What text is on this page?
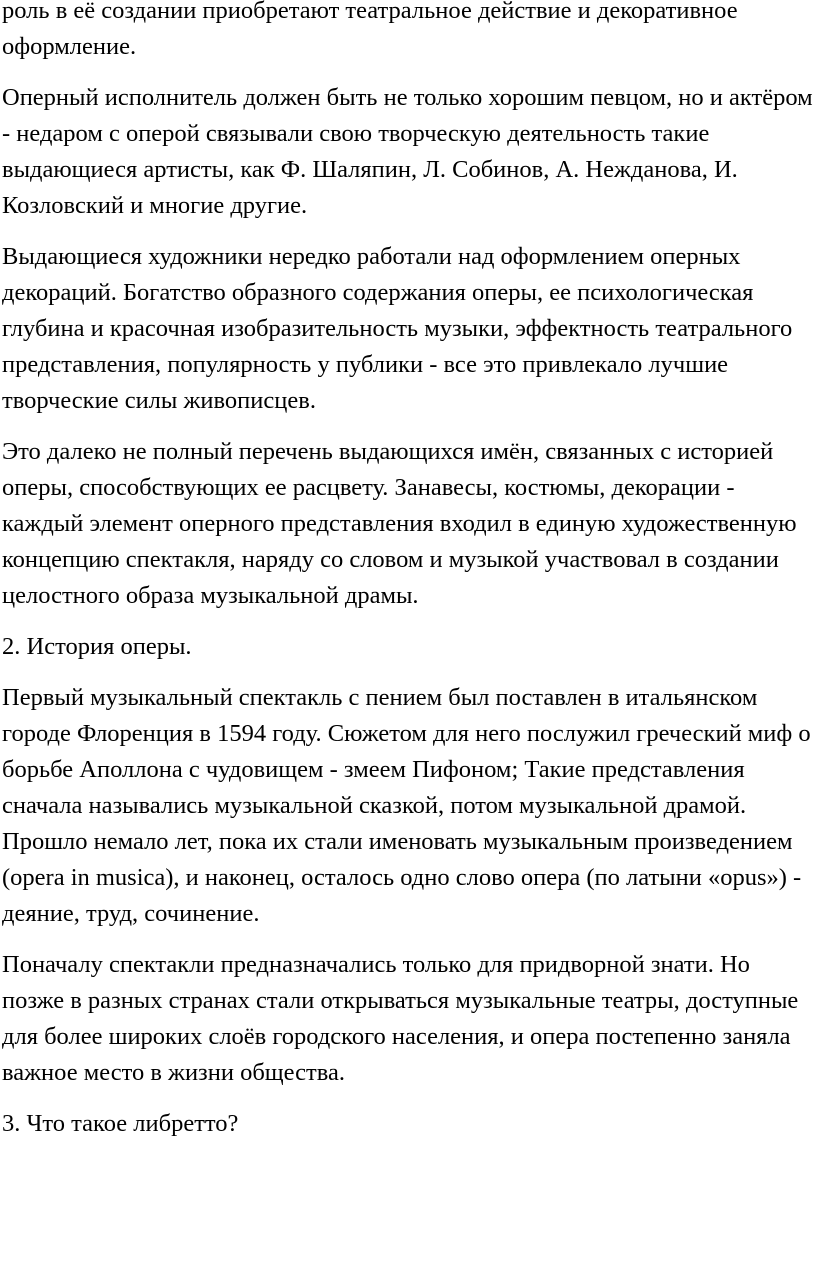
роль в её создании приобретают театральное действие и декоративное оформление.

Оперный исполнитель должен быть не только хорошим певцом, но и актёром - недаром с оперой связывали свою творческую деятельность такие выдающиеся артисты, как Ф. Шаляпин, Л. Собинов, А. Нежданова, И. Козловский и многие другие.

Выдающиеся художники нередко работали над оформлением оперных декораций. Богатство образного содержания оперы, ее психологическая глубина и красочная изобразительность музыки, эффектность театрального представления, популярность у публики - все это привлекало лучшие творческие силы живописцев.

Это далеко не полный перечень выдающихся имён, связанных с историей оперы, способствующих ее расцвету. Занавесы, костюмы, декорации - каждый элемент оперного представления входил в единую художественную концепцию спектакля, наряду со словом и музыкой участвовал в создании целостного образа музыкальной драмы.

2. История оперы.

Первый музыкальный спектакль с пением был поставлен в итальянском городе Флоренция в 1594 году. Сюжетом для него послужил греческий миф о борьбе Аполлона с чудовищем - змеем Пифоном; Такие представления сначала назывались музыкальной сказкой, потом музыкальной драмой. Прошло немало лет, пока их стали именовать музыкальным произведением (opera in musica), и наконец, осталось одно слово опера (по латыни «opus») - деяние, труд, сочинение.

Поначалу спектакли предназначались только для придворной знати. Но позже в разных странах стали открываться музыкальные театры, доступные для более широких слоёв городского населения, и опера постепенно заняла важное место в жизни общества.

3. Что такое либретто?
